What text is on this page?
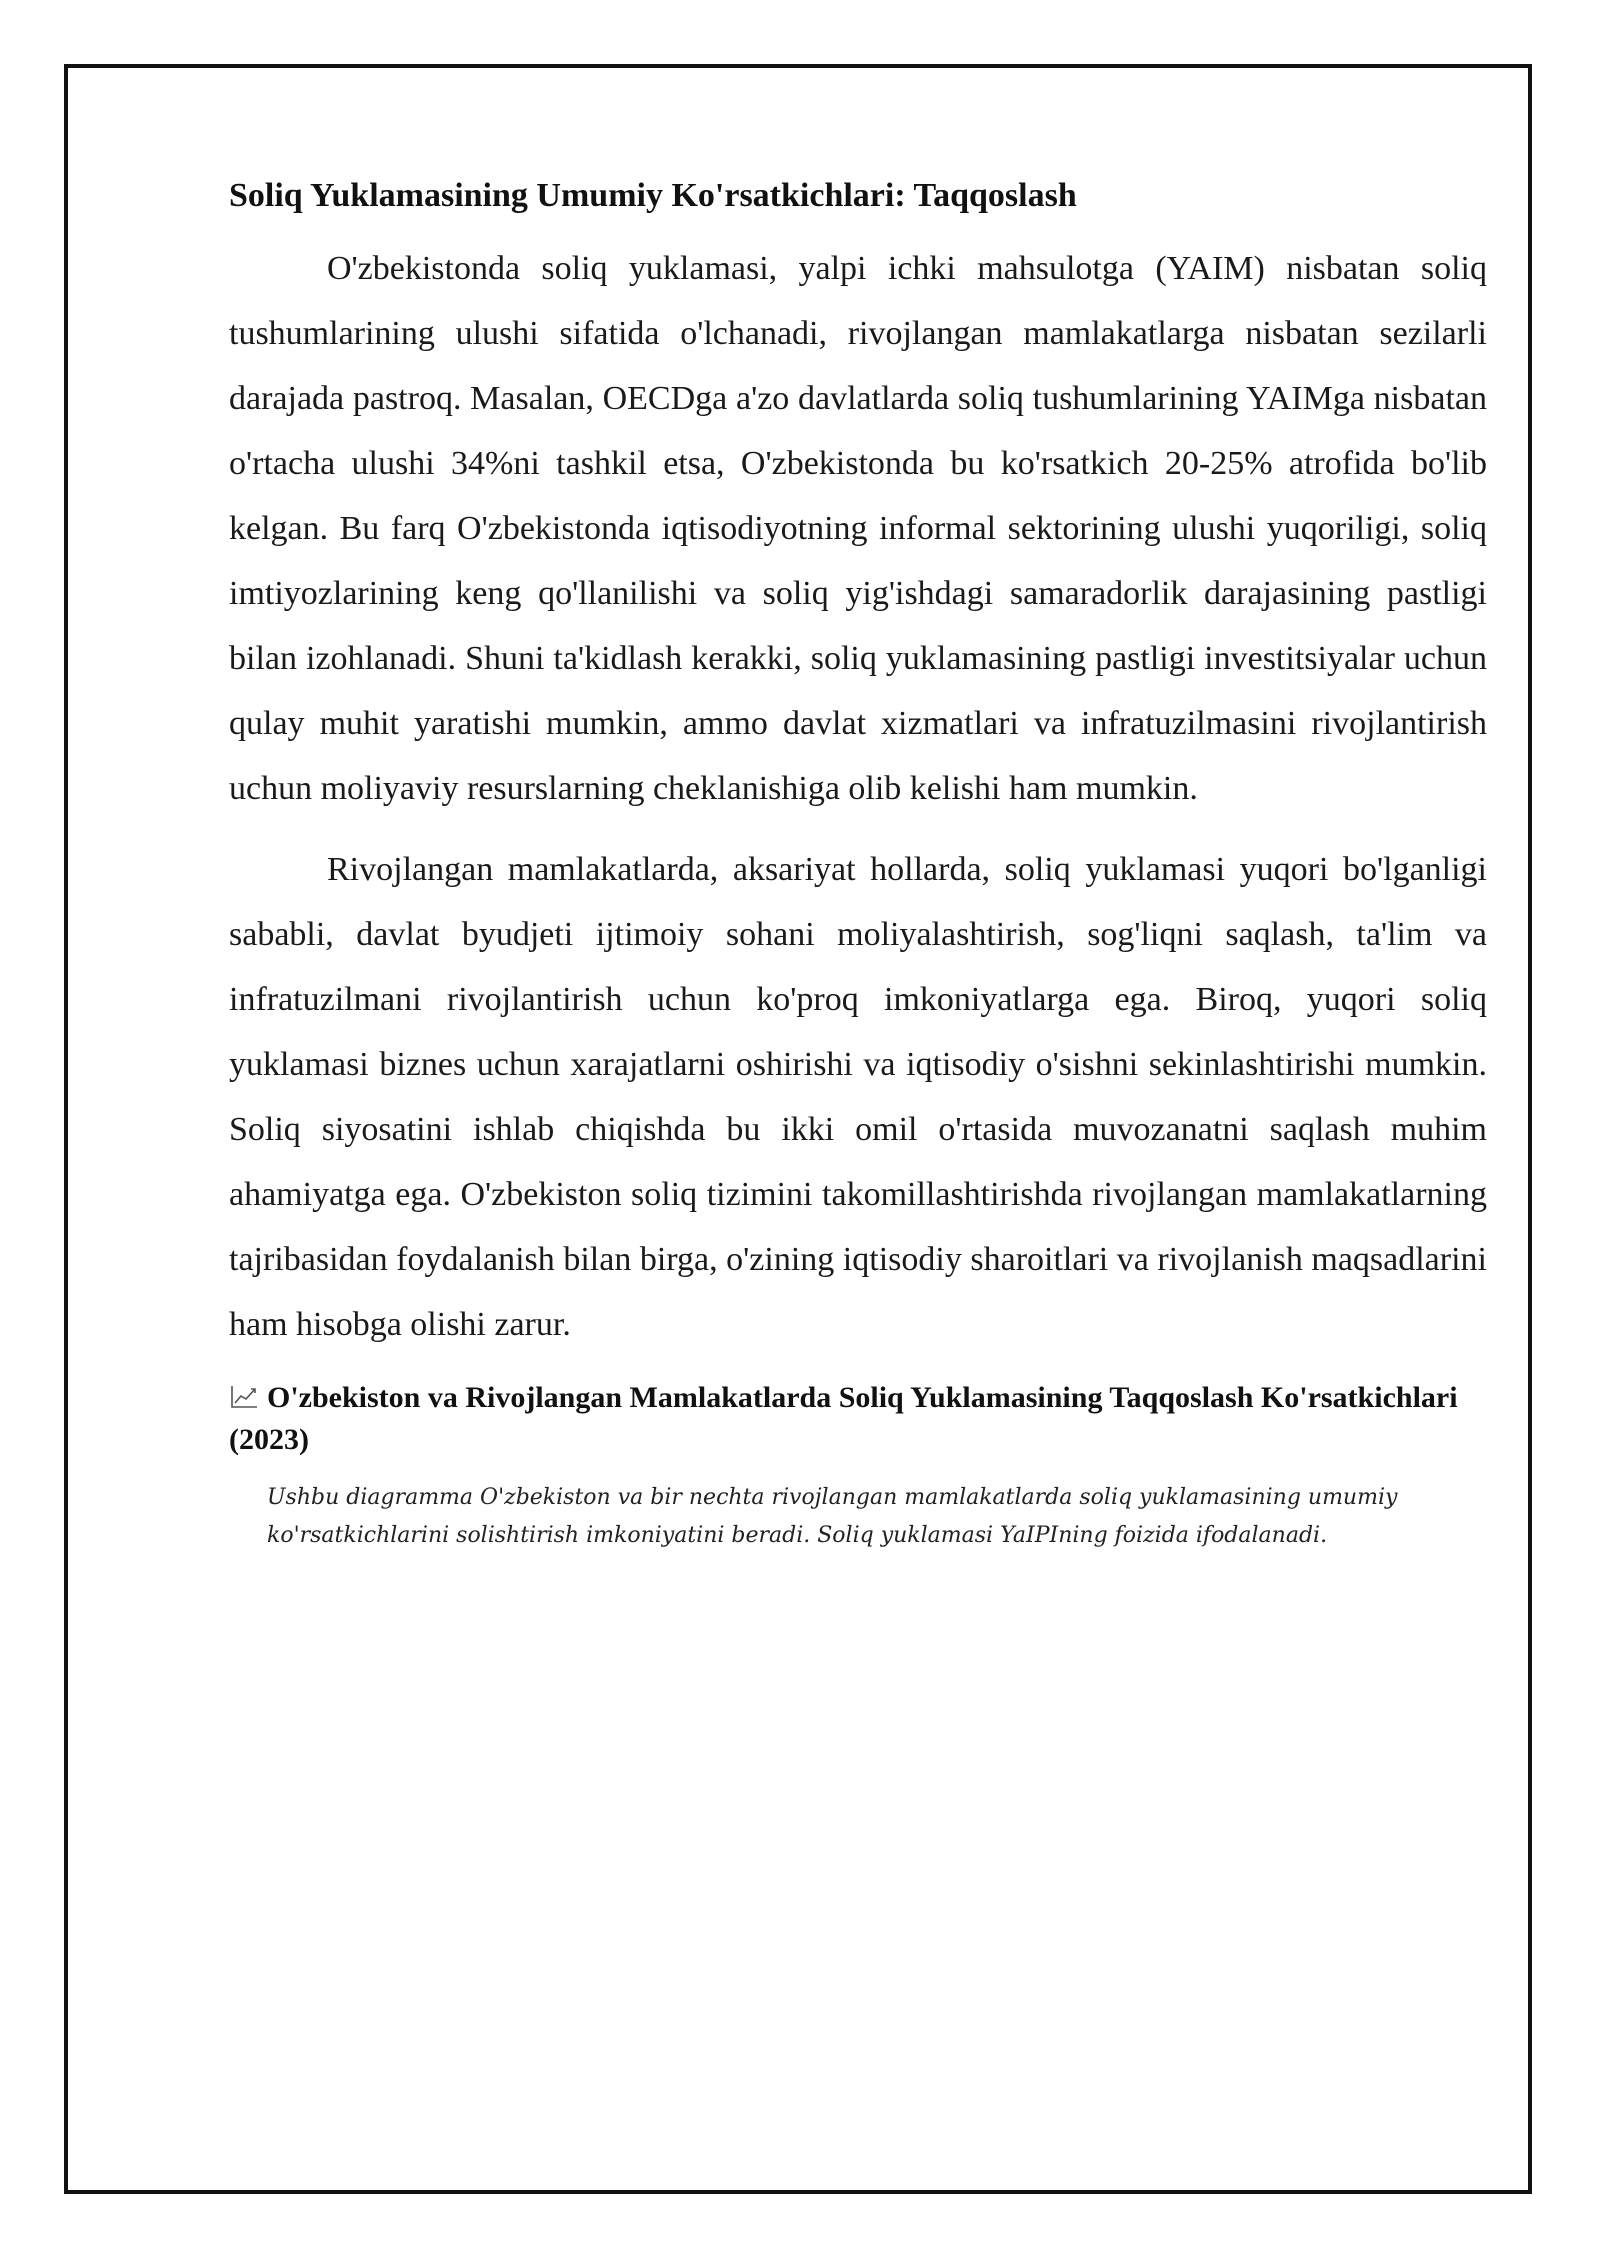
Soliq Yuklamasining Umumiy Ko'rsatkichlari: Taqqoslash

O'zbekistonda soliq yuklamasi, yalpi ichki mahsulotga (YAIM) nisbatan soliq tushumlarining ulushi sifatida o'lchanadi, rivojlangan mamlakatlarga nisbatan sezilarli darajada pastroq. Masalan, OECDga a'zo davlatlarda soliq tushumlarining YAIMga nisbatan o'rtacha ulushi 34%ni tashkil etsa, O'zbekistonda bu ko'rsatkich 20-25% atrofida bo'lib kelgan. Bu farq O'zbekistonda iqtisodiyotning informal sektorining ulushi yuqoriligi, soliq imtiyozlarining keng qo'llanilishi va soliq yig'ishdagi samaradorlik darajasining pastligi bilan izohlanadi. Shuni ta'kidlash kerakki, soliq yuklamasining pastligi investitsiyalar uchun qulay muhit yaratishi mumkin, ammo davlat xizmatlari va infratuzilmasini rivojlantirish uchun moliyaviy resurslarning cheklanishiga olib kelishi ham mumkin.

Rivojlangan mamlakatlarda, aksariyat hollarda, soliq yuklamasi yuqori bo'lganligi sababli, davlat byudjeti ijtimoiy sohani moliyalashtirish, sog'liqni saqlash, ta'lim va infratuzilmani rivojlantirish uchun ko'proq imkoniyatlarga ega. Biroq, yuqori soliq yuklamasi biznes uchun xarajatlarni oshirishi va iqtisodiy o'sishni sekinlashtirishi mumkin. Soliq siyosatini ishlab chiqishda bu ikki omil o'rtasida muvozanatni saqlash muhim ahamiyatga ega. O'zbekiston soliq tizimini takomillashtirishda rivojlangan mamlakatlarning tajribasidan foydalanish bilan birga, o'zining iqtisodiy sharoitlari va rivojlanish maqsadlarini ham hisobga olishi zarur.

O'zbekiston va Rivojlangan Mamlakatlarda Soliq Yuklamasining Taqqoslash Ko'rsatkichlari (2023)

Ushbu diagramma O'zbekiston va bir nechta rivojlangan mamlakatlarda soliq yuklamasining umumiy ko'rsatkichlarini solishtirish imkoniyatini beradi. Soliq yuklamasi YaIPIning foizida ifodalanadi.
